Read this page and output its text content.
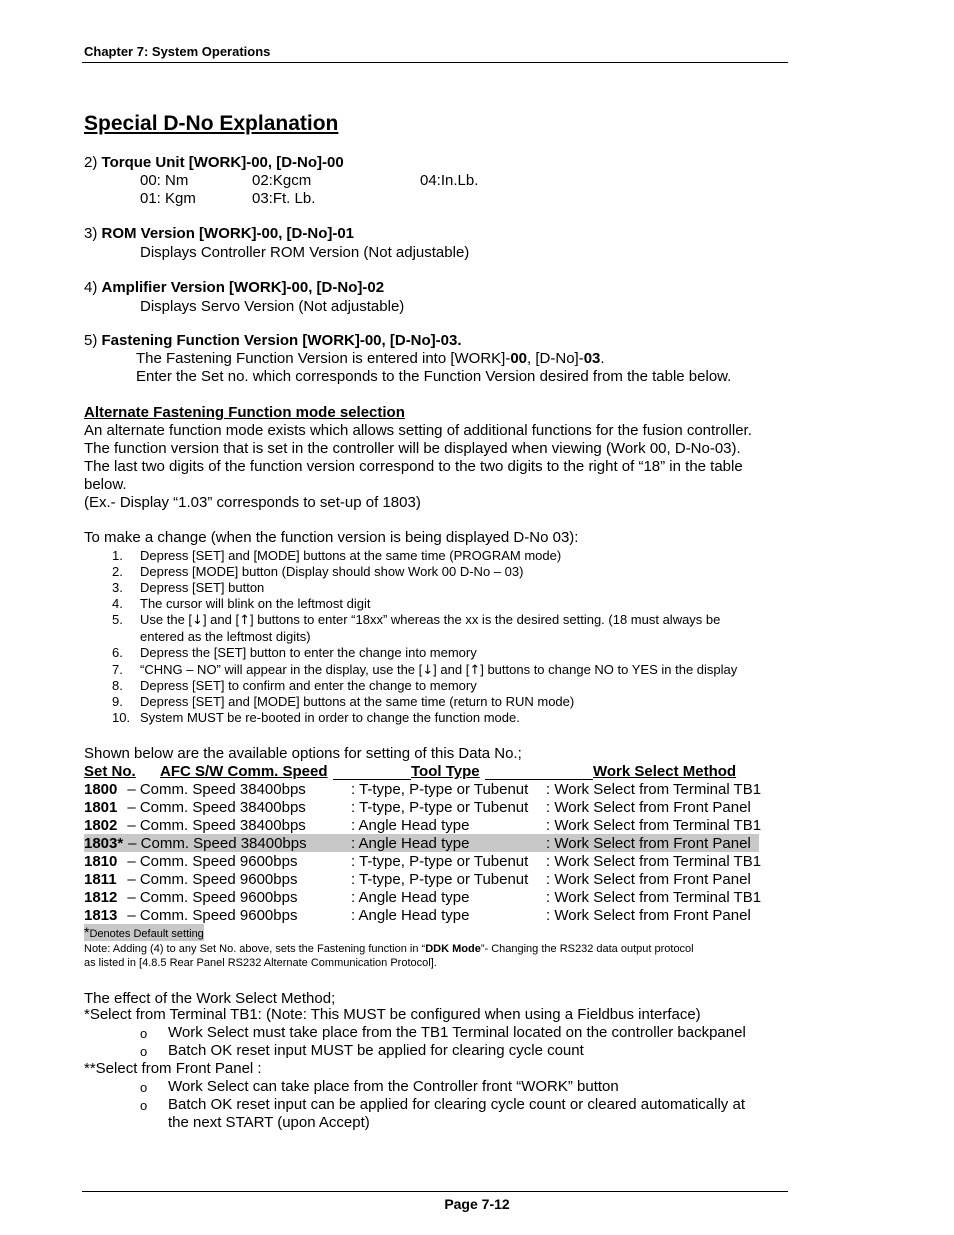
Chapter 7: System Operations
Special D-No Explanation
2) Torque Unit [WORK]-00, [D-No]-00
00: Nm	02:Kgcm	04:In.Lb.
01: Kgm	03:Ft. Lb.
3) ROM Version [WORK]-00, [D-No]-01
Displays Controller ROM Version (Not adjustable)
4) Amplifier Version [WORK]-00, [D-No]-02
Displays Servo Version (Not adjustable)
5) Fastening Function Version [WORK]-00, [D-No]-03.
The Fastening Function Version is entered into [WORK]-00, [D-No]-03.
Enter the Set no. which corresponds to the Function Version desired from the table below.
Alternate Fastening Function mode selection
An alternate function mode exists which allows setting of additional functions for the fusion controller.
The function version that is set in the controller will be displayed when viewing (Work 00, D-No-03).
The last two digits of the function version correspond to the two digits to the right of “18” in the table
below.
(Ex.- Display “1.03” corresponds to set-up of 1803)
To make a change (when the function version is being displayed D-No 03):
1. Depress [SET] and [MODE] buttons at the same time (PROGRAM mode)
2. Depress [MODE] button (Display should show Work 00 D-No – 03)
3. Depress [SET] button
4. The cursor will blink on the leftmost digit
5. Use the [↓] and [↑] buttons to enter “18xx” whereas the xx is the desired setting. (18 must always be
entered as the leftmost digits)
6. Depress the [SET] button to enter the change into memory
7. “CHNG – NO” will appear in the display, use the [↓] and [↑] buttons to change NO to YES in the display
8. Depress [SET] to confirm and enter the change to memory
9. Depress [SET] and [MODE] buttons at the same time (return to RUN mode)
10. System MUST be re-booted in order to change the function mode.
Shown below are the available options for setting of this Data No.;
Set No. AFC S/W Comm. Speed	Tool Type	Work Select Method
1800 – Comm. Speed 38400bps	: T-type, P-type or Tubenut : Work Select from Terminal TB1
1801 – Comm. Speed 38400bps	: T-type, P-type or Tubenut : Work Select from Front Panel
1802 – Comm. Speed 38400bps	: Angle Head type	: Work Select from Terminal TB1
1803* – Comm. Speed 38400bps	: Angle Head type	: Work Select from Front Panel
1810 – Comm. Speed 9600bps	: T-type, P-type or Tubenut : Work Select from Terminal TB1
1811 – Comm. Speed 9600bps	: T-type, P-type or Tubenut : Work Select from Front Panel
1812 – Comm. Speed 9600bps	: Angle Head type	: Work Select from Terminal TB1
1813 – Comm. Speed 9600bps	: Angle Head type	: Work Select from Front Panel
*Denotes Default setting
Note: Adding (4) to any Set No. above, sets the Fastening function in “DDK Mode”- Changing the RS232 data output protocol
as listed in [4.8.5 Rear Panel RS232 Alternate Communication Protocol].
The effect of the Work Select Method;
*Select from Terminal TB1: (Note: This MUST be configured when using a Fieldbus interface)
o Work Select must take place from the TB1 Terminal located on the controller backpanel
o Batch OK reset input MUST be applied for clearing cycle count
**Select from Front Panel :
o Work Select can take place from the Controller front “WORK” button
o Batch OK reset input can be applied for clearing cycle count or cleared automatically at
the next START (upon Accept)
Page 7-12
